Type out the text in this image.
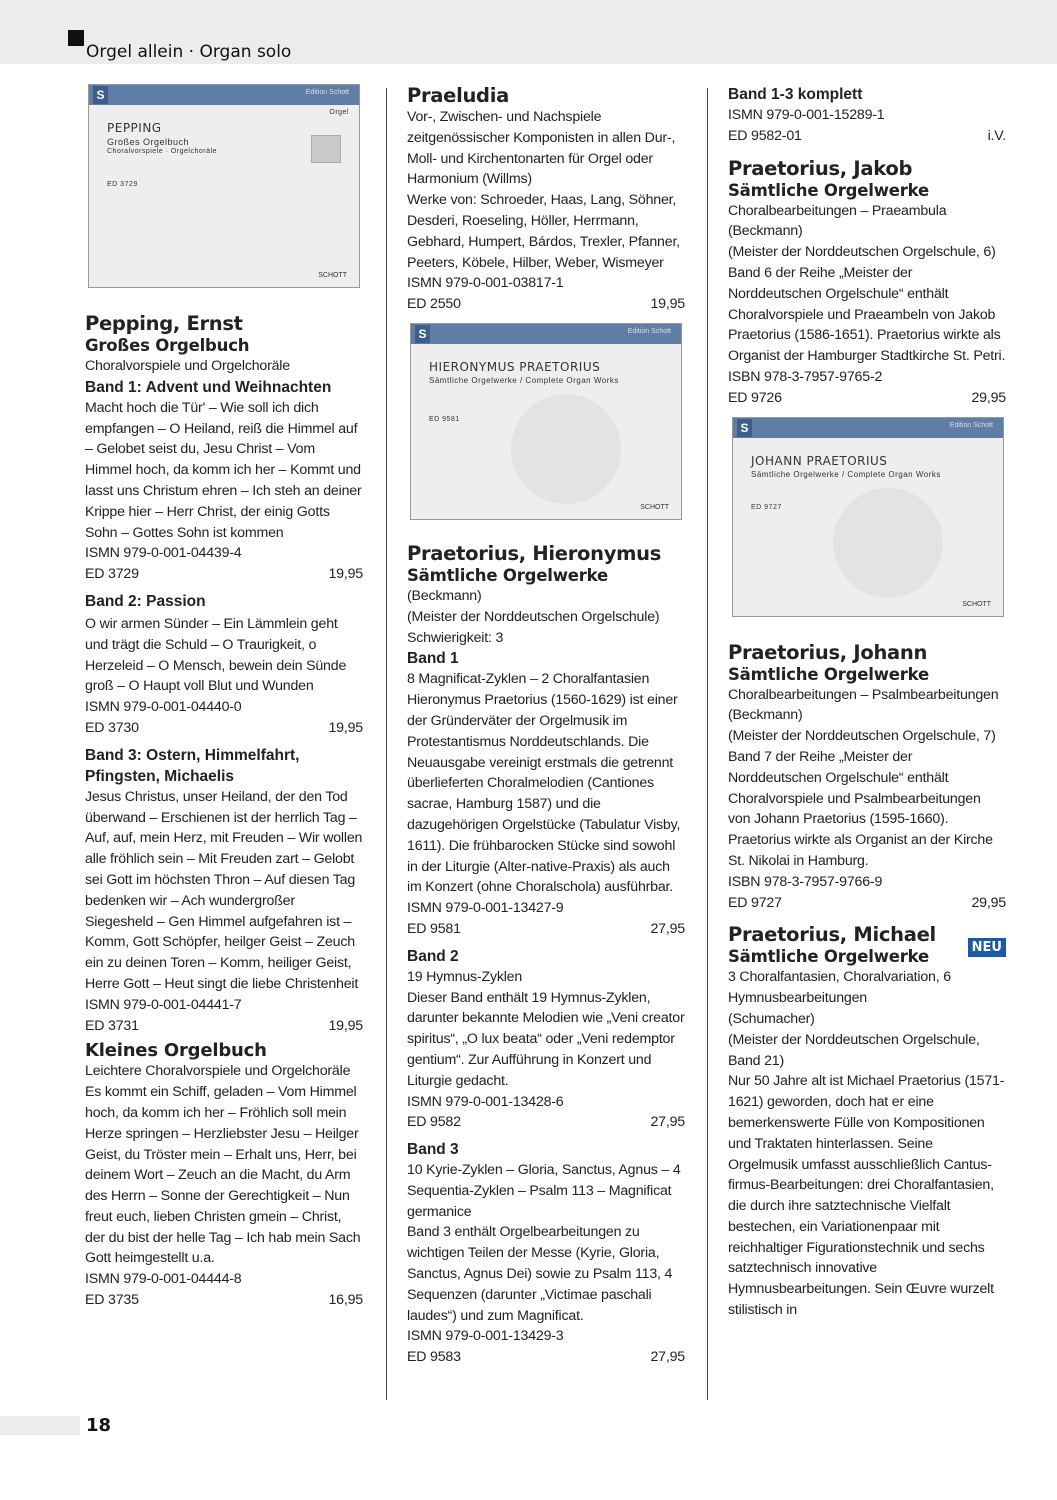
Orgel allein · Organ solo
S	Edition Schott
Orgel
PEPPING
Großes Orgelbuch
Choralvorspiele · Orgelchoräle
ED 3729
SCHOTT

Pepping, Ernst

Großes Orgelbuch

Choralvorspiele und Orgelchoräle

Band 1: Advent und Weihnachten

Macht hoch die Tür' – Wie soll ich dich empfangen – O Heiland, reiß die Himmel auf – Gelobet seist du, Jesu Christ – Vom Himmel hoch, da komm ich her – Kommt und lasst uns Christum ehren – Ich steh an deiner Krippe hier – Herr Christ, der einig Gotts Sohn – Gottes Sohn ist kommen

ISMN 979-0-001-04439-4

ED 3729	19,95

Band 2: Passion

O wir armen Sünder – Ein Lämmlein geht und trägt die Schuld – O Traurigkeit, o Herzeleid – O Mensch, bewein dein Sünde groß – O Haupt voll Blut und Wunden

ISMN 979-0-001-04440-0

ED 3730	19,95

Band 3: Ostern, Himmelfahrt,

Pfingsten, Michaelis

Jesus Christus, unser Heiland, der den Tod überwand – Erschienen ist der herrlich Tag – Auf, auf, mein Herz, mit Freuden – Wir wollen alle fröhlich sein – Mit Freuden zart – Gelobt sei Gott im höchsten Thron – Auf diesen Tag bedenken wir – Ach wundergroßer Siegesheld – Gen Himmel aufgefahren ist – Komm, Gott Schöpfer, heilger Geist – Zeuch ein zu deinen Toren – Komm, heiliger Geist, Herre Gott – Heut singt die liebe Christenheit

ISMN 979-0-001-04441-7

ED 3731	19,95

Kleines Orgelbuch

Leichtere Choralvorspiele und Orgelchoräle Es kommt ein Schiff, geladen – Vom Himmel hoch, da komm ich her – Fröhlich soll mein Herze springen – Herzliebster Jesu – Heilger Geist, du Tröster mein – Erhalt uns, Herr, bei deinem Wort – Zeuch an die Macht, du Arm des Herrn – Sonne der Gerechtigkeit – Nun freut euch, lieben Christen gmein – Christ, der du bist der helle Tag – Ich hab mein Sach Gott heimgestellt u.a.

ISMN 979-0-001-04444-8

ED 3735	16,95

Praeludia

Vor-, Zwischen- und Nachspiele zeitgenössischer Komponisten in allen Dur-, Moll- und Kirchentonarten für Orgel oder Harmonium (Willms)

Werke von: Schroeder, Haas, Lang, Söhner, Desderi, Roeseling, Höller, Herrmann, Gebhard, Humpert, Bárdos, Trexler, Pfanner, Peeters, Köbele, Hilber, Weber, Wismeyer

ISMN 979-0-001-03817-1

ED 2550	19,95
S	Edition Schott
HIERONYMUS PRAETORIUS
Sämtliche Orgelwerke / Complete Organ Works
ED 9581
SCHOTT

Praetorius, Hieronymus

Sämtliche Orgelwerke

(Beckmann)

(Meister der Norddeutschen Orgelschule)

Schwierigkeit: 3

Band 1

8 Magnificat-Zyklen – 2 Choralfantasien

Hieronymus Praetorius (1560-1629) ist einer der Gründerväter der Orgelmusik im Protestantismus Norddeutschlands. Die Neuausgabe vereinigt erstmals die getrennt überlieferten Choralmelodien (Cantiones sacrae, Hamburg 1587) und die dazugehörigen Orgelstücke (Tabulatur Visby, 1611). Die frühbarocken Stücke sind sowohl in der Liturgie (Alter-native-Praxis) als auch im Konzert (ohne Choralschola) ausführbar.

ISMN 979-0-001-13427-9

ED 9581	27,95

Band 2

19 Hymnus-Zyklen

Dieser Band enthält 19 Hymnus-Zyklen, darunter bekannte Melodien wie „Veni creator spiritus“, „O lux beata“ oder „Veni redemptor gentium“. Zur Aufführung in Konzert und Liturgie gedacht.

ISMN 979-0-001-13428-6

ED 9582	27,95

Band 3

10 Kyrie-Zyklen – Gloria, Sanctus, Agnus – 4 Sequentia-Zyklen – Psalm 113 – Magnificat germanice

Band 3 enthält Orgelbearbeitungen zu wichtigen Teilen der Messe (Kyrie, Gloria, Sanctus, Agnus Dei) sowie zu Psalm 113, 4 Sequenzen (darunter „Victimae paschali laudes“) und zum Magnificat.

ISMN 979-0-001-13429-3

ED 9583	27,95

Band 1-3 komplett

ISMN 979-0-001-15289-1

ED 9582-01	i.V.

Praetorius, Jakob

Sämtliche Orgelwerke

Choralbearbeitungen – Praeambula

(Beckmann)

(Meister der Norddeutschen Orgelschule, 6)

Band 6 der Reihe „Meister der Norddeutschen Orgelschule“ enthält Choralvorspiele und Praeambeln von Jakob Praetorius (1586-1651). Praetorius wirkte als Organist der Hamburger Stadtkirche St. Petri.

ISBN 978-3-7957-9765-2

ED 9726	29,95
S	Edition Schott
JOHANN PRAETORIUS
Sämtliche Orgelwerke / Complete Organ Works
ED 9727
SCHOTT

Praetorius, Johann

Sämtliche Orgelwerke

Choralbearbeitungen – Psalmbearbeitungen

(Beckmann)

(Meister der Norddeutschen Orgelschule, 7)

Band 7 der Reihe „Meister der Norddeutschen Orgelschule“ enthält Choralvorspiele und Psalmbearbeitungen von Johann Praetorius (1595-1660). Praetorius wirkte als Organist an der Kirche St. Nikolai in Hamburg.

ISBN 978-3-7957-9766-9

ED 9727	29,95

Praetorius, Michael

Sämtliche Orgelwerke	NEU

3 Choralfantasien, Choralvariation, 6 Hymnusbearbeitungen

(Schumacher)

(Meister der Norddeutschen Orgelschule, Band 21)

Nur 50 Jahre alt ist Michael Praetorius (1571-1621) geworden, doch hat er eine bemerkenswerte Fülle von Kompositionen und Traktaten hinterlassen. Seine Orgelmusik umfasst ausschließlich Cantus-firmus-Bearbeitungen: drei Choralfantasien, die durch ihre satztechnische Vielfalt bestechen, ein Variationenpaar mit reichhaltiger Figurationstechnik und sechs satztechnisch innovative Hymnusbearbeitungen. Sein Œuvre wurzelt stilistisch in

18
